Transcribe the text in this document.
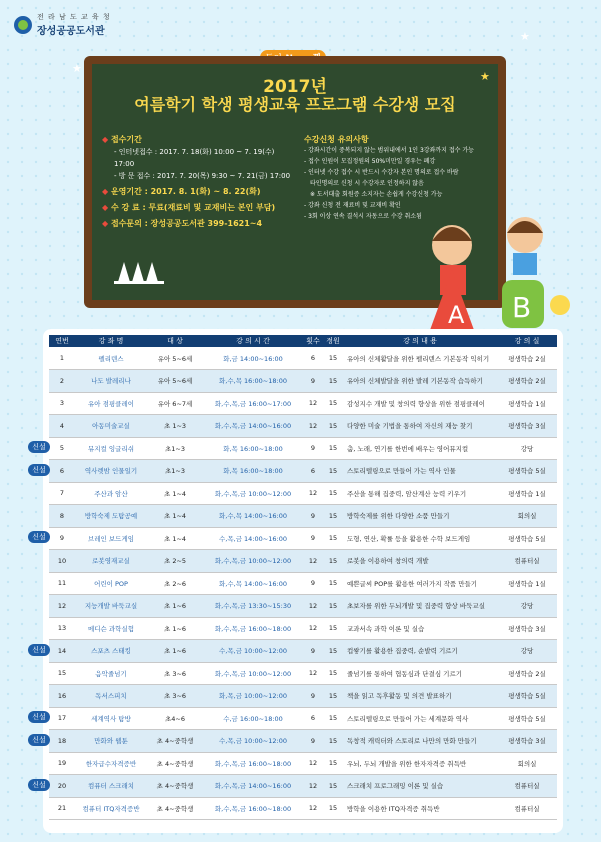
전 라 남 도 교 육 청
장성공공도서관
2017년
여름학기 학생 평생교육 프로그램 수강생 모집
◆ 접수기간
- 인터넷접수 : 2017. 7. 18(화) 10:00 ~ 7. 19(수) 17:00
- 방 문 접수 : 2017. 7. 20(목) 9:30 ~ 7. 21(금) 17:00
◆ 운영기간 : 2017. 8. 1(화) ~ 8. 22(화)
◆ 수 강 료 : 무료(재료비 및 교재비는 본인 부담)
◆ 접수문의 : 장성공공도서관 399-1621~4
수강신청 유의사항
- 강좌시간이 중복되지 않는 범위내에서 1인 3강좌까지 접수 가능
- 접수 인원이 모집정원의 50%미만일 경우는 폐강
- 인터넷 수강 접수 시 반드시 수강자 본인 명의로 접수 바람
타인명의로 신청 시 수강자로 인정하지 않음
※ 도서대출 회원증 소지자는 손쉽게 수강신청 가능
- 강좌 신청 전 재료비 및 교재비 확인
- 3회 이상 연속 결석시 자동으로 수강 취소됨
★
★
★
A B
연번	강 좌 명	대 상	강 의 시 간	횟수	정원	강 의 내 용	강 의 실
1	펠리덴스	유아 5~6세	화,금 14:00~16:00	6	15	유아의 신체활달을 위한 펠리덴스 기본동작 익히기	평생학습 2실
2	나도 발레리나	유아 5~6세	화,수,목 16:00~18:00	9	15	유아의 신체발달을 위한 발레 기본동작 습득하기	평생학습 2실
3	유아 점핑클레이	유아 6~7세	화,수,목,금 16:00~17:00	12	15	감성지수 개발 및 창의력 향상을 위한 점핑클레이	평생학습 1실
4	아동미술교실	초 1~3	화,수,목,금 14:00~16:00	12	15	다양한 미술 기법을 통하여 자신의 재능 찾기	평생학습 3실
5	뮤지컬 잉글리쉬	초1~3	화,목 16:00~18:00	9	15	춤, 노래, 연기를 한번에 배우는 영어뮤지컬	강당
6	역사렛밤 인물일기	초1~3	화,목 16:00~18:00	6	15	스토리텔링으로 만들어 가는 역사 인물	평생학습 5실
7	주산과 암산	초 1~4	화,수,목,금 10:00~12:00	12	15	주산을 통해 집중력, 암산계산 능력 키우기	평생학습 1실
8	방학숙제 도탐공예	초 1~4	화,수,목 14:00~16:00	9	15	방학숙제를 위한 다양한 소품 만들기	회의실
9	브레인 보드게임	초 1~4	수,목,금 14:00~16:00	9	15	도형, 연산, 확률 등을 활용한 수학 보드게임	평생학습 5실
10	로봇영재교실	초 2~5	화,수,목,금 10:00~12:00	12	15	로봇을 이용하여 창의력 개발	컴퓨터실
11	어린이 POP	초 2~6	화,수,목 14:00~16:00	9	15	예쁜글씨 POP를 활용한 여러가지 작품 만들기	평생학습 1실
12	지능개발 바둑교실	초 1~6	화,수,목,금 13:30~15:30	12	15	초보자를 위한 두뇌개발 및 집중력 향상 바둑교실	강당
13	메디슨 과학실험	초 1~6	화,수,목,금 16:00~18:00	12	15	교과서속 과학 이론 및 실습	평생학습 3실
14	스포츠 스태킹	초 1~6	수,목,금 10:00~12:00	9	15	컵쌓기를 활용한 집중력, 순발력 기르기	강당
15	음악줄넘기	초 3~6	화,수,목,금 10:00~12:00	12	15	줄넘기를 통하여 협동심과 단결심 기르기	평생학습 2실
16	독서스피치	초 3~6	화,목,금 10:00~12:00	9	15	책을 읽고 독후활동 및 의견 발표하기	평생학습 5실
17	세계역사 탐방	초4~6	수,금 16:00~18:00	6	15	스토리텔링으로 만들어 가는 세계문화 역사	평생학습 5실
18	만화와 웹툰	초 4~중학생	수,목,금 10:00~12:00	9	15	독창적 캐릭터와 스토리로 나만의 만화 만들기	평생학습 3실
19	한자급수자격증반	초 4~중학생	화,수,목,금 16:00~18:00	12	15	우뇌, 두뇌 개발을 위한 한자자격증 취득반	회의실
20	컴퓨터 스크래치	초 4~중학생	화,수,목,금 14:00~16:00	12	15	스크래치 프로그래밍 이론 및 실습	컴퓨터실
21	컴퓨터 ITQ자격증반	초 4~중학생	화,수,목,금 16:00~18:00	12	15	방학을 이용한 ITQ자격증 취득반	컴퓨터실
신설
신설
신설
신설
신설
신설
신설
